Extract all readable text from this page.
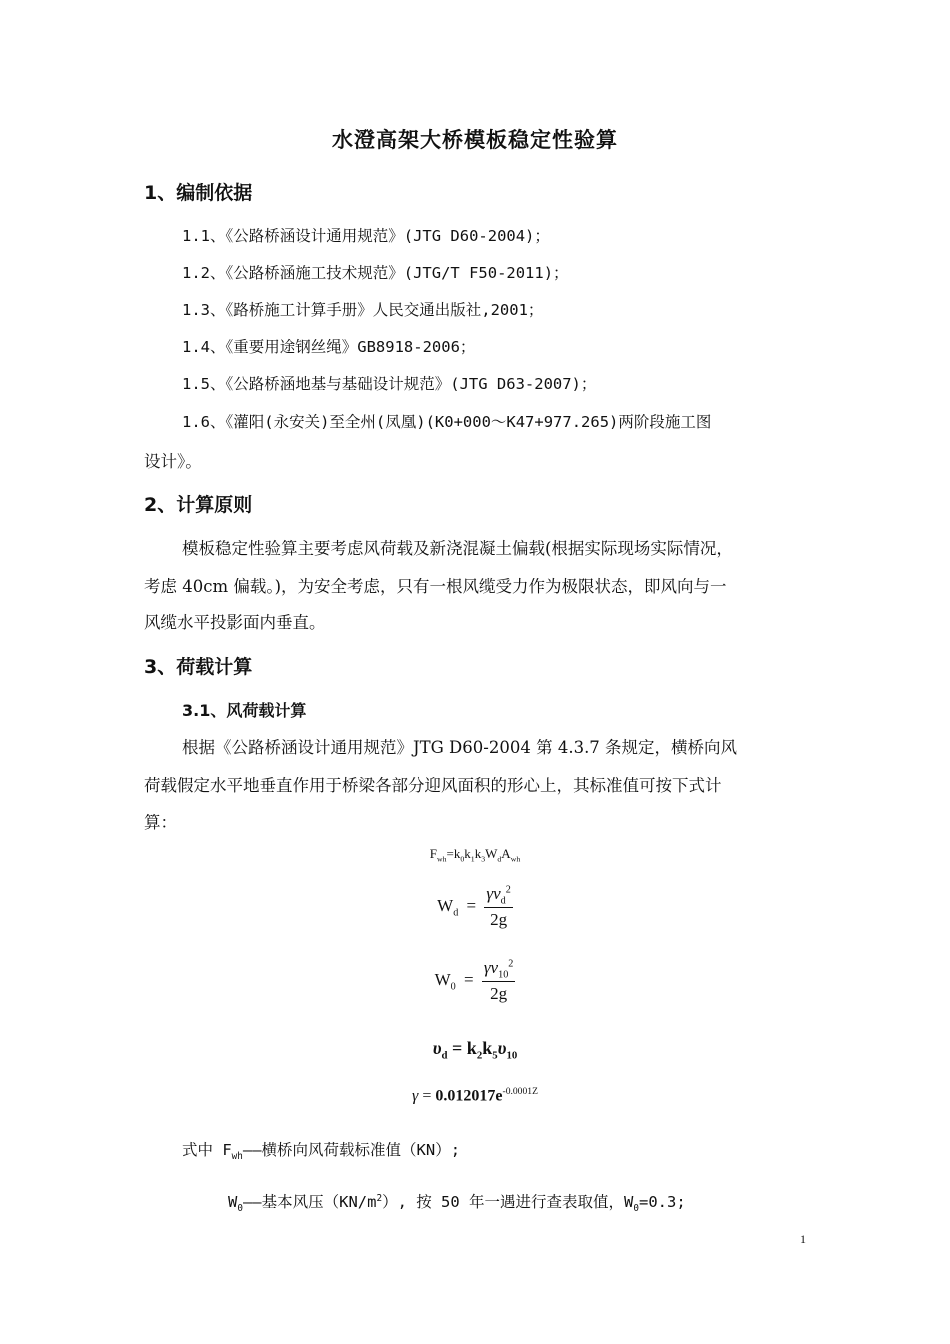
水澄高架大桥模板稳定性验算
1、编制依据
1.1、《公路桥涵设计通用规范》(JTG D60-2004)；
1.2、《公路桥涵施工技术规范》(JTG/T F50-2011)；
1.3、《路桥施工计算手册》人民交通出版社,2001；
1.4、《重要用途钢丝绳》GB8918-2006；
1.5、《公路桥涵地基与基础设计规范》(JTG D63-2007)；
1.6、《灌阳(永安关)至全州(凤凰)(K0+000～K47+977.265)两阶段施工图
设计》。
2、计算原则
模板稳定性验算主要考虑风荷载及新浇混凝土偏载(根据实际现场实际情况，
考虑 40cm 偏载。)，为安全考虑，只有一根风缆受力作为极限状态，即风向与一
风缆水平投影面内垂直。
3、荷载计算
3.1、风荷载计算
根据《公路桥涵设计通用规范》JTG D60-2004 第 4.3.7 条规定，横桥向风
荷载假定水平地垂直作用于桥梁各部分迎风面积的形心上，其标准值可按下式计
算：
$F_{wh}=k_0k_1k_3W_dA_{wh}$
$W_d = \frac{\gamma v_d^2}{2g}$
$W_0 = \frac{\gamma v_{10}^2}{2g}$
$\upsilon_d = k_2k_5\upsilon_{10}$
$\gamma = 0.012017e^{-0.0001Z}$
式中 $F_{wh}——$横桥向风荷载标准值（KN）;
$W_0——$基本风压$(KN/m^2)$, 按 50 年一遇进行查表取值，$W_0=0.3$;
1
